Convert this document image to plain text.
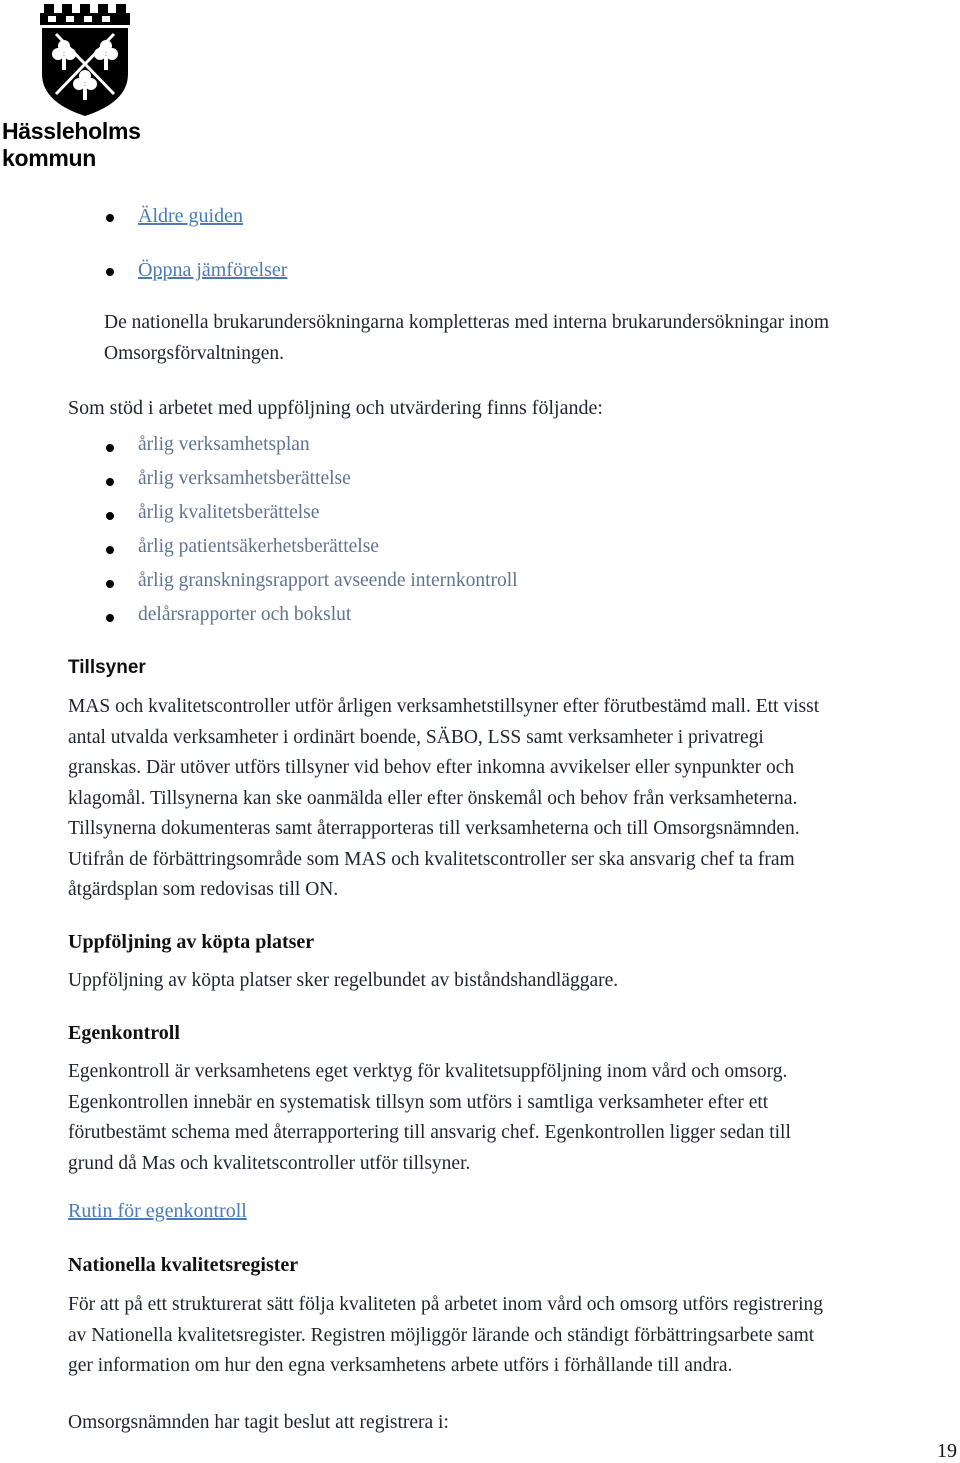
Hässleholms
kommun
Äldre guiden
Öppna jämförelser
De nationella brukarundersökningarna kompletteras med interna brukarundersökningar inom
Omsorgsförvaltningen.
Som stöd i arbetet med uppföljning och utvärdering finns följande:
årlig verksamhetsplan
årlig verksamhetsberättelse
årlig kvalitetsberättelse
årlig patientsäkerhetsberättelse
årlig granskningsrapport avseende internkontroll
delårsrapporter och bokslut
Tillsyner
MAS och kvalitetscontroller utför årligen verksamhetstillsyner efter förutbestämd mall. Ett visst
antal utvalda verksamheter i ordinärt boende, SÄBO, LSS samt verksamheter i privatregi
granskas. Där utöver utförs tillsyner vid behov efter inkomna avvikelser eller synpunkter och
klagomål. Tillsynerna kan ske oanmälda eller efter önskemål och behov från verksamheterna.
Tillsynerna dokumenteras samt återrapporteras till verksamheterna och till Omsorgsnämnden.
Utifrån de förbättringsområde som MAS och kvalitetscontroller ser ska ansvarig chef ta fram
åtgärdsplan som redovisas till ON.
Uppföljning av köpta platser
Uppföljning av köpta platser sker regelbundet av biståndshandläggare.
Egenkontroll
Egenkontroll är verksamhetens eget verktyg för kvalitetsuppföljning inom vård och omsorg.
Egenkontrollen innebär en systematisk tillsyn som utförs i samtliga verksamheter efter ett
förutbestämt schema med återrapportering till ansvarig chef. Egenkontrollen ligger sedan till
grund då Mas och kvalitetscontroller utför tillsyner.
Rutin för egenkontroll
Nationella kvalitetsregister
För att på ett strukturerat sätt följa kvaliteten på arbetet inom vård och omsorg utförs registrering
av Nationella kvalitetsregister. Registren möjliggör lärande och ständigt förbättringsarbete samt
ger information om hur den egna verksamhetens arbete utförs i förhållande till andra.
Omsorgsnämnden har tagit beslut att registrera i:
19
